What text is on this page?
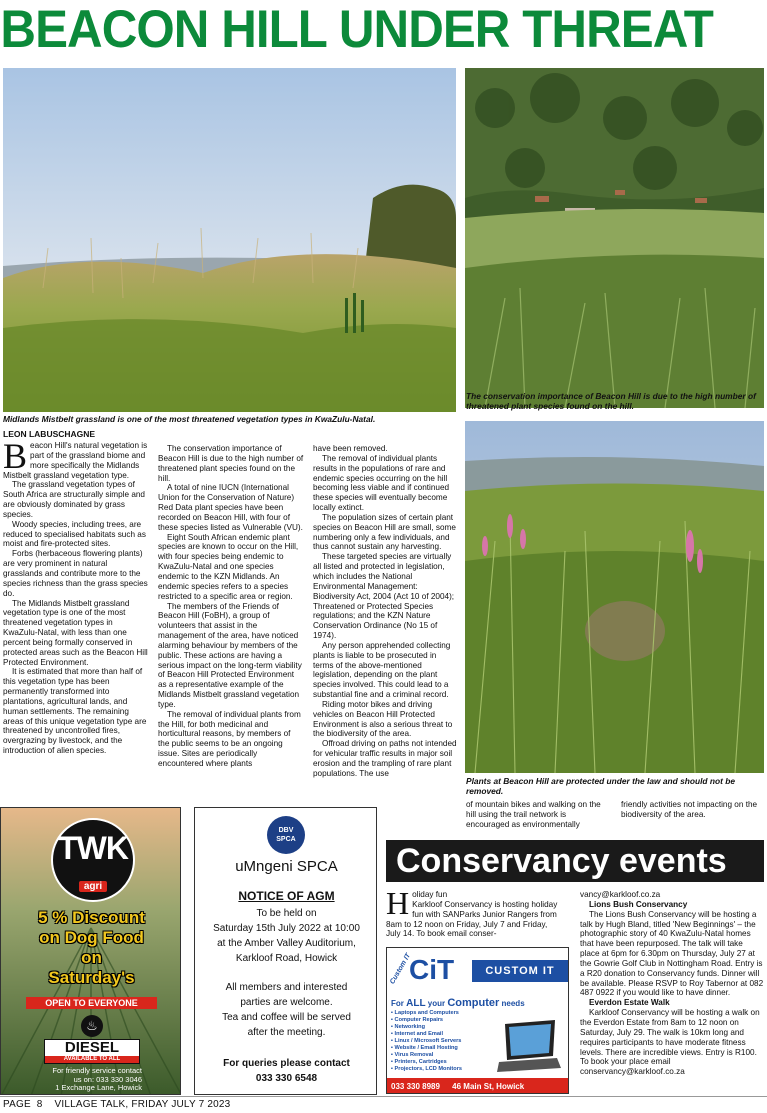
BEACON HILL UNDER THREAT
Midlands Mistbelt grassland is one of the most threatened vegetation types in KwaZulu-Natal.
LEON LABUSCHAGNE
The conservation importance of Beacon Hill is due to the high number of threatened plant species found on the hill.
Plants at Beacon Hill are protected under the law and should not be removed.

Beacon Hill's natural vegetation is part of the grassland biome and more specifically the Midlands Mistbelt grassland vegetation type.

The grassland vegetation types of South Africa are structurally simple and are obviously dominated by grass species.

Woody species, including trees, are reduced to specialised habitats such as moist and fire-protected sites.

Forbs (herbaceous flowering plants) are very prominent in natural grasslands and contribute more to the species richness than the grass species do.

The Midlands Mistbelt grassland vegetation type is one of the most threatened vegetation types in KwaZulu-Natal, with less than one percent being formally conserved in protected areas such as the Beacon Hill Protected Environment.

It is estimated that more than half of this vegetation type has been permanently transformed into plantations, agricultural lands, and human settlements. The remaining areas of this unique vegetation type are threatened by uncontrolled fires, overgrazing by livestock, and the introduction of alien species.

The conservation importance of Beacon Hill is due to the high number of threatened plant species found on the hill.

A total of nine IUCN (International Union for the Conservation of Nature) Red Data plant species have been recorded on Beacon Hill, with four of these species listed as Vulnerable (VU).

Eight South African endemic plant species are known to occur on the Hill, with four species being endemic to KwaZulu-Natal and one species endemic to the KZN Midlands. An endemic species refers to a species restricted to a specific area or region.

The members of the Friends of Beacon Hill (FoBH), a group of volunteers that assist in the management of the area, have noticed alarming behaviour by members of the public. These actions are having a serious impact on the long-term viability of Beacon Hill Protected Environment as a representative example of the Midlands Mistbelt grassland vegetation type.

The removal of individual plants from the Hill, for both medicinal and horticultural reasons, by members of the public seems to be an ongoing issue. Sites are periodically encountered where plants

have been removed.

The removal of individual plants results in the populations of rare and endemic species occurring on the hill becoming less viable and if continued these species will eventually become locally extinct.

The population sizes of certain plant species on Beacon Hill are small, some numbering only a few individuals, and thus cannot sustain any harvesting.

These targeted species are virtually all listed and protected in legislation, which includes the National Environmental Management: Biodiversity Act, 2004 (Act 10 of 2004); Threatened or Protected Species regulations; and the KZN Nature Conservation Ordinance (No 15 of 1974).

Any person apprehended collecting plants is liable to be prosecuted in terms of the above-mentioned legislation, depending on the plant species involved. This could lead to a substantial fine and a criminal record.

Riding motor bikes and driving vehicles on Beacon Hill Protected Environment is also a serious threat to the biodiversity of the area.

Offroad driving on paths not intended for vehicular traffic results in major soil erosion and the trampling of rare plant populations. The use

of mountain bikes and walking on the hill using the trail network is encouraged as environmentally
friendly activities not impacting on the biodiversity of the area.
TWK
agri
5 % Discount
on Dog Food
on
Saturday's
OPEN TO EVERYONE
♨
DIESEL
AVAILABLE TO ALL
For friendly service contact
us on: 033 330 3046
1 Exchange Lane, Howick
DBV
SPCA
uMngeni SPCA
NOTICE OF AGM
To be held on
Saturday 15th July 2022 at 10:00
at the Amber Valley Auditorium,
Karkloof Road, Howick
All members and interested
parties are welcome.
Tea and coffee will be served
after the meeting.
For queries please contact
033 330 6548
Conservancy events

Holiday fun
Karkloof Conservancy is hosting holiday fun with SANParks Junior Rangers from 8am to 12 noon on Friday, July 7 and Friday, July 14. To book email conser-

Custom IT
CiT	CUSTOM IT
For ALL your Computer needs
▪ Laptops and Computers
▪ Computer Repairs
▪ Networking
▪ Internet and Email
▪ Linux / Microsoft Servers
▪ Website / Email Hosting
▪ Virus Removal
▪ Printers, Cartridges
▪ Projectors, LCD Monitors
033 330 8989 46 Main St, Howick

vancy@karkloof.co.za

Lions Bush Conservancy

The Lions Bush Conservancy will be hosting a talk by Hugh Bland, titled 'New Beginnings' – the photographic story of 40 KwaZulu-Natal homes that have been repurposed. The talk will take place at 6pm for 6.30pm on Thursday, July 27 at the Gowrie Golf Club in Nottingham Road. Entry is a R20 donation to Conservancy funds. Dinner will be available. Please RSVP to Roy Tabernor at 082 487 0922 if you would like to have dinner.

Everdon Estate Walk

Karkloof Conservancy will be hosting a walk on the Everdon Estate from 8am to 12 noon on Saturday, July 29. The walk is 10km long and requires participants to have moderate fitness levels. There are incredible views. Entry is R100. To book your place email conservancy@karkloof.co.za

PAGE  8    VILLAGE TALK, FRIDAY JULY 7 2023
